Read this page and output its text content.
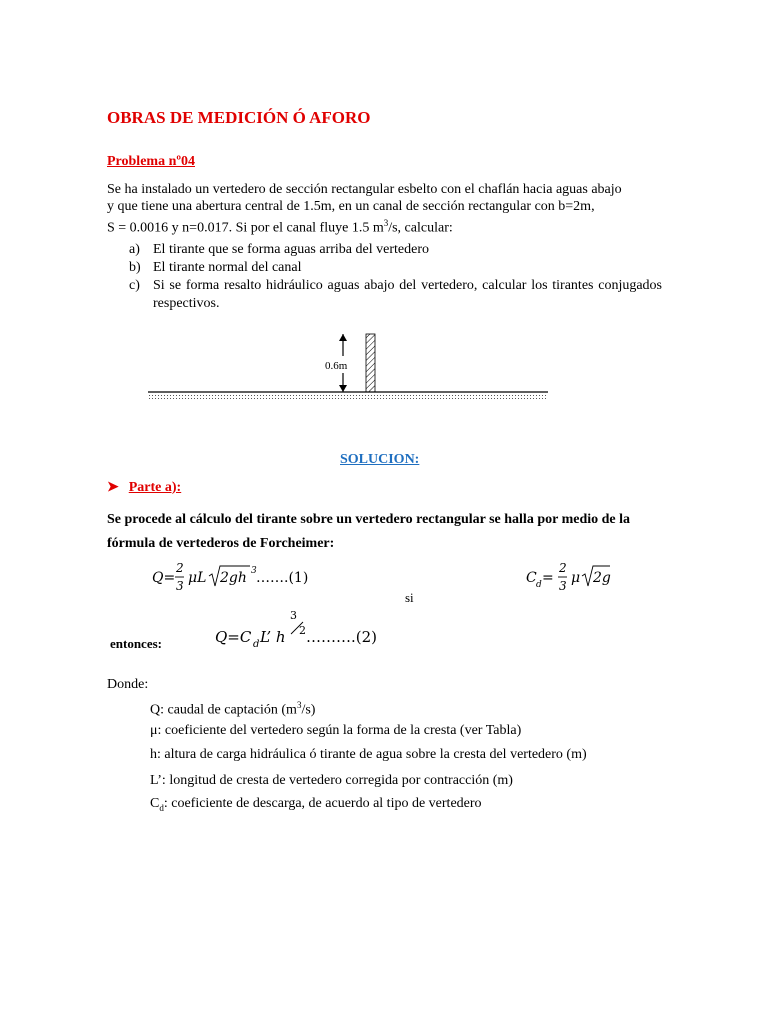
OBRAS DE MEDICIÓN Ó AFORO
Problema nº04
Se ha instalado un vertedero de sección rectangular esbelto con el chaflán hacia aguas abajo
y que tiene una abertura central de 1.5m, en un canal de sección rectangular con b=2m,
S = 0.0016 y n=0.017. Si por el canal fluye 1.5 $m^3/s$, calcular:
a) El tirante que se forma aguas arriba del vertedero
b) El tirante normal del canal
c) Si se forma resalto hidráulico aguas abajo del vertedero, calcular los tirantes conjugados respectivos.
0.6m
SOLUCION:
➤ Parte a):
Se procede al cálculo del tirante sobre un vertedero rectangular se halla por medio de la fórmula de vertederos de Forcheimer:
Q=
2
3 μL 2gh 3 …….(1)	C d =
2
3 μ 2g
si
entonces:	Q=C d L’ h
3
2 ……….(2)
Donde:
Q: caudal de captación $(m^3/s)$
μ: coeficiente del vertedero según la forma de la cresta (ver Tabla)
h: altura de carga hidráulica ó tirante de agua sobre la cresta del vertedero (m)
L’: longitud de cresta de vertedero corregida por contracción (m)
$C_d$: coeficiente de descarga, de acuerdo al tipo de vertedero
